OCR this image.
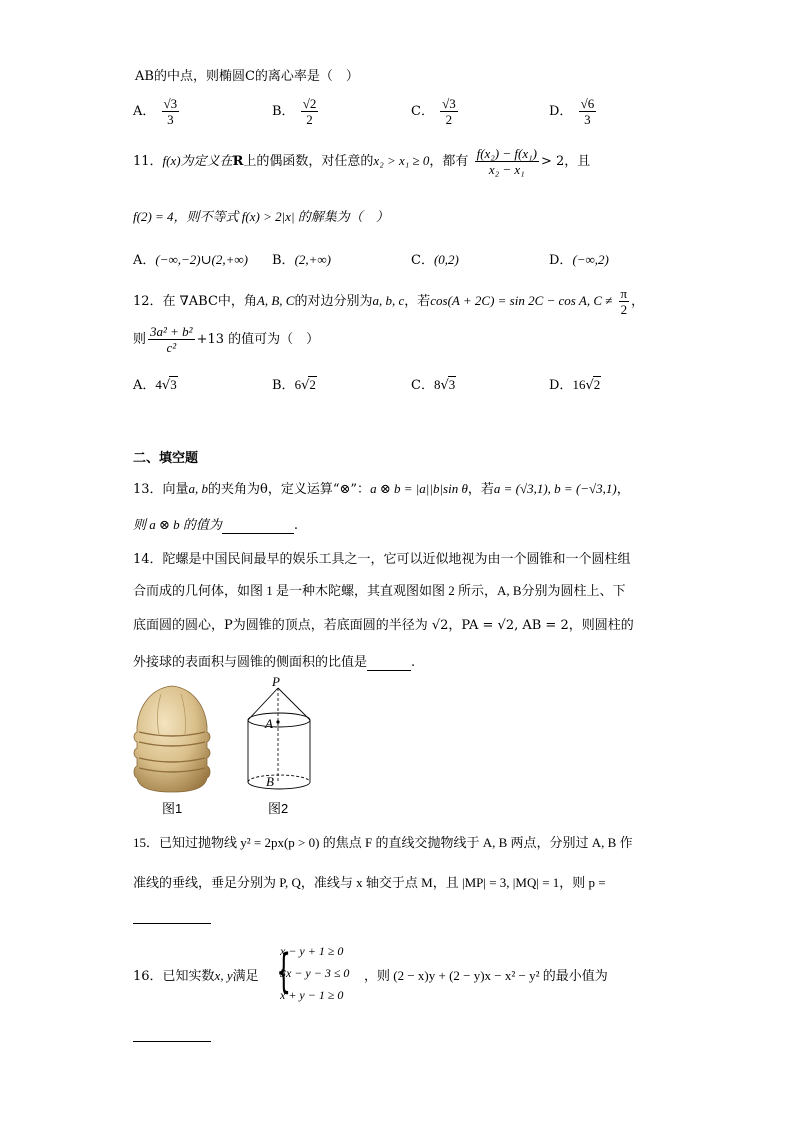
AB的中点，则椭圆C的离心率是（　）
A． $\frac{√3}{3}$	B． $\frac{√2}{2}$	C． $\frac{√3}{2}$	D． $\frac{√6}{3}$
11．f(x)为定义在R上的偶函数，对任意的x₂ > x₁ ≥ 0，都有 $\frac{\text{f(x₂) − f(x₁)}}{\text{x₂ − x₁}} > 2$，且
f(2) = 4，则不等式 f(x) > 2|x| 的解集为（　）
A．(−∞,−2)∪(2,+∞) B．(2,+∞)	C．(0,2)	D．(−∞,2)
12．在 ∇ABC中，角A, B, C的对边分别为a, b, c，若cos(A + 2C) = sin 2C − cos A, $C \ne \frac{\pi}{2}$ ，
则 $\frac{\text{3a² + b²}}{\text{c²}} +13$ 的值可为（　）
A．4√3	B．6√2	C．8√3	D．16√2
二、填空题
13．向量a, b的夹角为θ，定义运算“⊗”：a ⊗ b = |a||b|sin θ，若a = (√3,1), b = (−√3,1)，
则 a ⊗ b 的值为	.
14．陀螺是中国民间最早的娱乐工具之一，它可以近似地视为由一个圆锥和一个圆柱组
合而成的几何体，如图 1 是一种木陀螺，其直观图如图 2 所示，A, B分别为圆柱上、下
底面圆的圆心，P为圆锥的顶点，若底面圆的半径为 √2，PA = √2, AB = 2，则圆柱的
外接球的表面积与圆锥的侧面积的比值是	.
图1
P
A
B
图2
15．已知过抛物线 y² = 2px(p > 0) 的焦点 F 的直线交抛物线于 A, B 两点，分别过 A, B 作
准线的垂线，垂足分别为 P, Q，准线与 x 轴交于点 M，且 |MP| = 3, |MQ| = 1，则 p =

16．已知实数x, y满足 {
x − y + 1 ≥ 0
3x − y − 3 ≤ 0
x + y − 1 ≥ 0
，则 (2 − x)y + (2 − y)x − x² − y² 的最小值为
